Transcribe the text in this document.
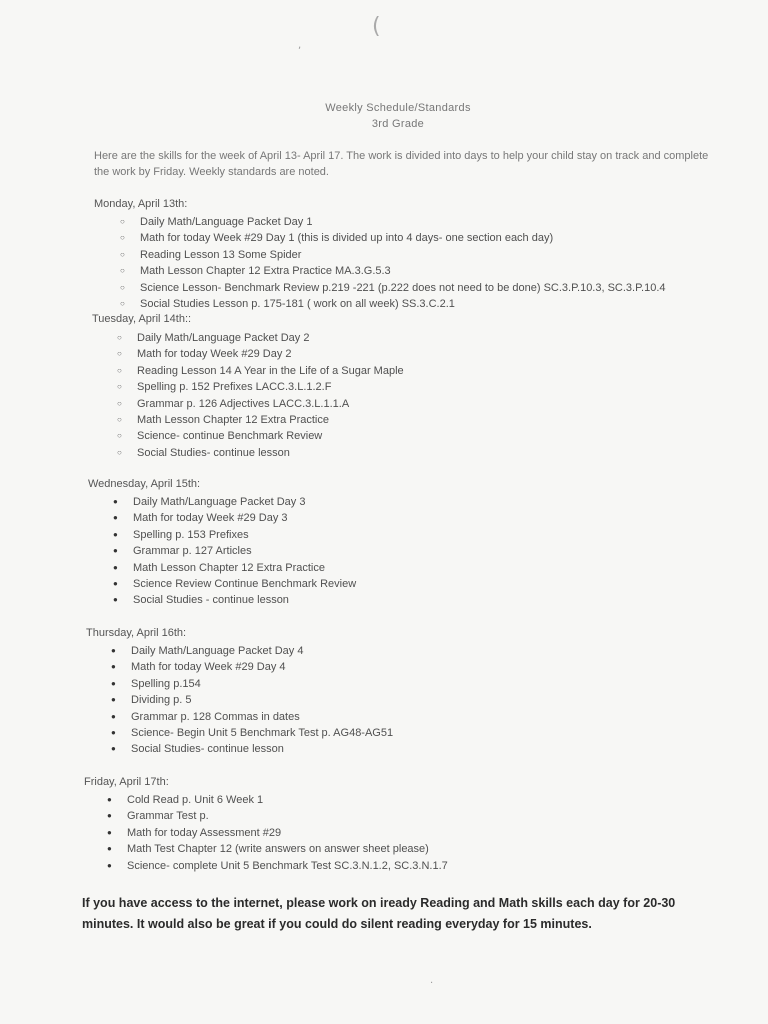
(
,
·
Weekly Schedule/Standards
3rd Grade
Here are the skills for the week of April 13- April 17. The work is divided into days to help your child stay on track and complete the work by Friday. Weekly standards are noted.
Monday, April 13th:
○ Daily Math/Language Packet Day 1
○ Math for today Week #29 Day 1 (this is divided up into 4 days- one section each day)
○ Reading Lesson 13 Some Spider
○ Math Lesson Chapter 12 Extra Practice MA.3.G.5.3
○ Science Lesson- Benchmark Review p.219 -221 (p.222 does not need to be done) SC.3.P.10.3, SC.3.P.10.4
○ Social Studies Lesson p. 175-181 ( work on all week) SS.3.C.2.1
Tuesday, April 14th::
○ Daily Math/Language Packet Day 2
○ Math for today Week #29 Day 2
○ Reading Lesson 14 A Year in the Life of a Sugar Maple
○ Spelling p. 152 Prefixes LACC.3.L.1.2.F
○ Grammar p. 126 Adjectives LACC.3.L.1.1.A
○ Math Lesson Chapter 12 Extra Practice
○ Science- continue Benchmark Review
○ Social Studies- continue lesson
Wednesday, April 15th:
● Daily Math/Language Packet Day 3
● Math for today Week #29 Day 3
● Spelling p. 153 Prefixes
● Grammar p. 127 Articles
● Math Lesson Chapter 12 Extra Practice
● Science Review Continue Benchmark Review
● Social Studies - continue lesson
Thursday, April 16th:
● Daily Math/Language Packet Day 4
● Math for today Week #29 Day 4
● Spelling p.154
● Dividing p. 5
● Grammar p. 128 Commas in dates
● Science- Begin Unit 5 Benchmark Test p. AG48-AG51
● Social Studies- continue lesson
Friday, April 17th:
● Cold Read p. Unit 6 Week 1
● Grammar Test p.
● Math for today Assessment #29
● Math Test Chapter 12 (write answers on answer sheet please)
● Science- complete Unit 5 Benchmark Test SC.3.N.1.2, SC.3.N.1.7
If you have access to the internet, please work on iready Reading and Math skills each day for 20-30 minutes. It would also be great if you could do silent reading everyday for 15 minutes.
